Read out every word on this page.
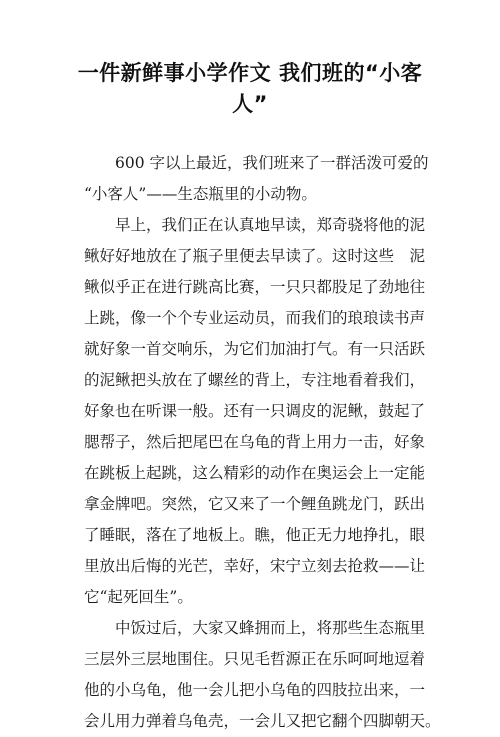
一件新鲜事小学作文 我们班的“小客
人”
600 字以上最近，我们班来了一群活泼可爱的
“小客人”——生态瓶里的小动物。
早上，我们正在认真地早读，郑奇骁将他的泥
鳅好好地放在了瓶子里便去早读了。这时这些　泥
鳅似乎正在进行跳高比赛，一只只都股足了劲地往
上跳，像一个个专业运动员，而我们的琅琅读书声
就好象一首交响乐，为它们加油打气。有一只活跃
的泥鳅把头放在了螺丝的背上，专注地看着我们，
好象也在听课一般。还有一只调皮的泥鳅，鼓起了
腮帮子，然后把尾巴在乌龟的背上用力一击，好象
在跳板上起跳，这么精彩的动作在奥运会上一定能
拿金牌吧。突然，它又来了一个鲤鱼跳龙门，跃出
了睡眠，落在了地板上。瞧，他正无力地挣扎，眼
里放出后悔的光芒，幸好，宋宁立刻去抢救——让
它“起死回生”。
中饭过后，大家又蜂拥而上，将那些生态瓶里
三层外三层地围住。只见毛哲源正在乐呵呵地逗着
他的小乌龟，他一会儿把小乌龟的四肢拉出来，一
会儿用力弹着乌龟壳，一会儿又把它翻个四脚朝天。
